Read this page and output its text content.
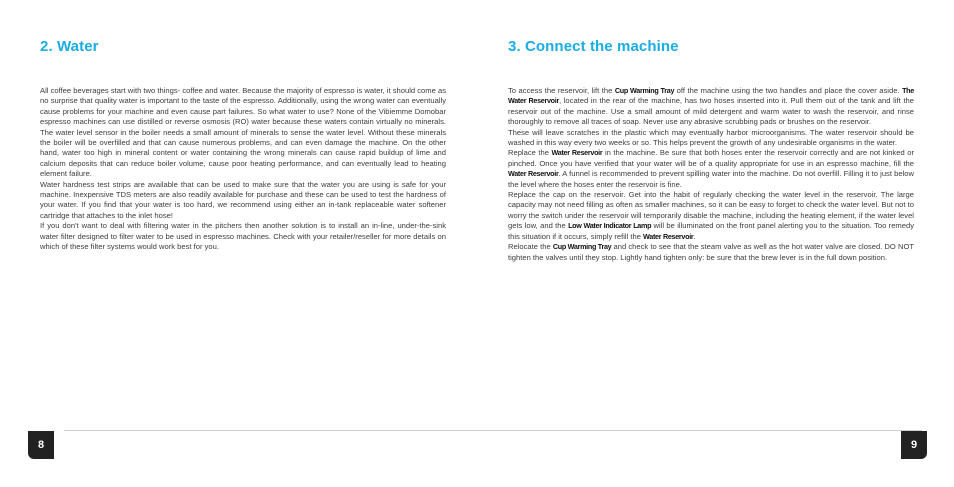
2. Water	3. Connect the machine

All coffee beverages start with two things- coffee and water. Because the majority of espresso is water, it should come as no surprise that quality water is important to the taste of the espresso. Additionally, using the wrong water can eventually cause problems for your machine and even cause part failures. So what water to use? None of the Vibiemme Domobar espresso machines can use distilled or reverse osmosis (RO) water because these waters contain virtually no minerals. The water level sensor in the boiler needs a small amount of minerals to sense the water level. Without these minerals the boiler will be overfilled and that can cause numerous problems, and can even damage the machine. On the other hand, water too high in mineral content or water containing the wrong minerals can cause rapid buildup of lime and calcium deposits that can reduce boiler volume, cause poor heating performance, and can eventually lead to heating element failure.

Water hardness test strips are available that can be used to make sure that the water you are using is safe for your machine. Inexpensive TDS meters are also readily available for purchase and these can be used to test the hardness of your water. If you find that your water is too hard, we recommend using either an in-tank replaceable water softener cartridge that attaches to the inlet hose!

If you don't want to deal with filtering water in the pitchers then another solution is to install an in-line, under-the-sink water filter designed to filter water to be used in espresso machines. Check with your retailer/reseller for more details on which of these filter systems would work best for you.

To access the reservoir, lift the Cup Warming Tray off the machine using the two handles and place the cover aside. The Water Reservoir, located in the rear of the machine, has two hoses inserted into it. Pull them out of the tank and lift the reservoir out of the machine. Use a small amount of mild detergent and warm water to wash the reservoir, and rinse thoroughly to remove all traces of soap. Never use any abrasive scrubbing pads or brushes on the reservoir.

These will leave scratches in the plastic which may eventually harbor microorganisms. The water reservoir should be washed in this way every two weeks or so. This helps prevent the growth of any undesirable organisms in the water.

Replace the Water Reservoir in the machine. Be sure that both hoses enter the reservoir correctly and are not kinked or pinched. Once you have verified that your water will be of a quality appropriate for use in an espresso machine, fill the Water Reservoir. A funnel is recommended to prevent spilling water into the machine. Do not overfill. Filling it to just below the level where the hoses enter the reservoir is fine.

Replace the cap on the reservoir. Get into the habit of regularly checking the water level in the reservoir. The large capacity may not need filling as often as smaller machines, so it can be easy to forget to check the water level. But not to worry the switch under the reservoir will temporarily disable the machine, including the heating element, if the water level gets low, and the Low Water Indicator Lamp will be illuminated on the front panel alerting you to the situation. Too remedy this situation if it occurs, simply refill the Water Reservoir.

Relocate the Cup Warming Tray and check to see that the steam valve as well as the hot water valve are closed. DO NOT tighten the valves until they stop. Lightly hand tighten only: be sure that the brew lever is in the full down position.

8	9
